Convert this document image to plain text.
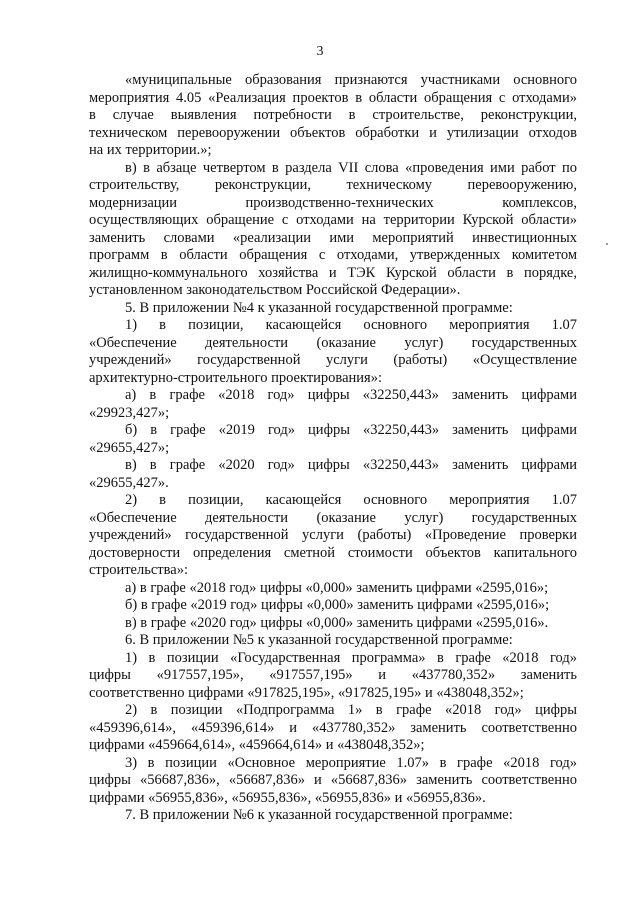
3
«муниципальные образования признаются участниками основного
мероприятия 4.05 «Реализация проектов в области обращения с отходами»
в случае выявления потребности в строительстве, реконструкции,
техническом перевооружении объектов обработки и утилизации отходов
на их территории.»;
в) в абзаце четвертом в раздела VII слова «проведения ими работ по
строительству, реконструкции, техническому перевооружению,
модернизации производственно-технических комплексов,
осуществляющих обращение с отходами на территории Курской области»
заменить словами «реализации ими мероприятий инвестиционных
программ в области обращения с отходами, утвержденных комитетом
жилищно-коммунального хозяйства и ТЭК Курской области в порядке,
установленном законодательством Российской Федерации».
5. В приложении №4 к указанной государственной программе:
1) в позиции, касающейся основного мероприятия 1.07
«Обеспечение деятельности (оказание услуг) государственных
учреждений» государственной услуги (работы) «Осуществление
архитектурно-строительного проектирования»:
а) в графе «2018 год» цифры «32250,443» заменить цифрами
«29923,427»;
б) в графе «2019 год» цифры «32250,443» заменить цифрами
«29655,427»;
в) в графе «2020 год» цифры «32250,443» заменить цифрами
«29655,427».
2) в позиции, касающейся основного мероприятия 1.07
«Обеспечение деятельности (оказание услуг) государственных
учреждений» государственной услуги (работы) «Проведение проверки
достоверности определения сметной стоимости объектов капитального
строительства»:
а) в графе «2018 год» цифры «0,000» заменить цифрами «2595,016»;
б) в графе «2019 год» цифры «0,000» заменить цифрами «2595,016»;
в) в графе «2020 год» цифры «0,000» заменить цифрами «2595,016».
6. В приложении №5 к указанной государственной программе:
1) в позиции «Государственная программа» в графе «2018 год»
цифры «917557,195», «917557,195» и «437780,352» заменить
соответственно цифрами «917825,195», «917825,195» и «438048,352»;
2) в позиции «Подпрограмма 1» в графе «2018 год» цифры
«459396,614», «459396,614» и «437780,352» заменить соответственно
цифрами «459664,614», «459664,614» и «438048,352»;
3) в позиции «Основное мероприятие 1.07» в графе «2018 год»
цифры «56687,836», «56687,836» и «56687,836» заменить соответственно
цифрами «56955,836», «56955,836», «56955,836» и «56955,836».
7. В приложении №6 к указанной государственной программе:
